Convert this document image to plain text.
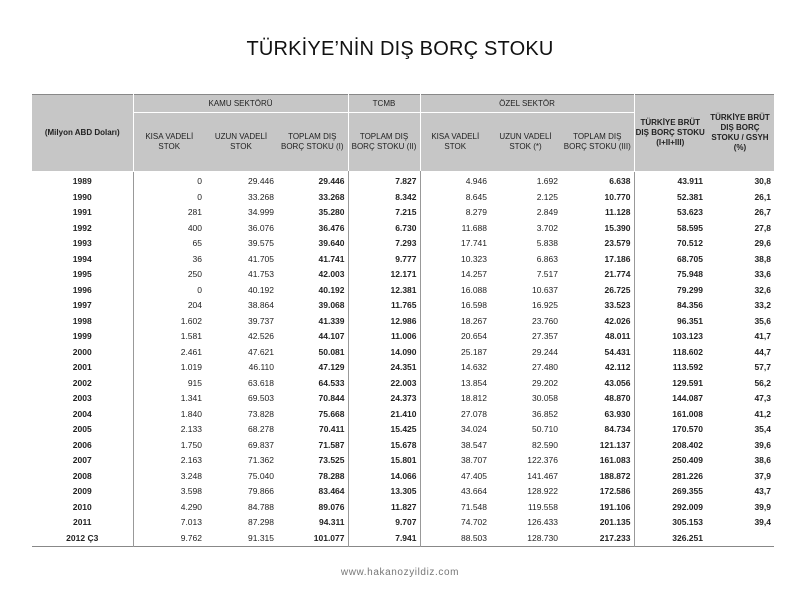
TÜRKİYE’NİN DIŞ BORÇ STOKU
(Milyon ABD Doları)	KAMU SEKTÖRÜ			TCMB	ÖZEL SEKTÖR			TÜRKİYE BRÜT DIŞ BORÇ STOKU (I+II+III)	TÜRKİYE BRÜT DIŞ BORÇ STOKU / GSYH (%)
	KISA VADELİ STOK	UZUN VADELİ STOK	TOPLAM DIŞ BORÇ STOKU (I)	TOPLAM DIŞ BORÇ STOKU (II)	KISA VADELİ STOK	UZUN VADELİ STOK (*)	TOPLAM DIŞ BORÇ STOKU (III)		
1989	0	29.446	29.446	7.827	4.946	1.692	6.638	43.911	30,8
1990	0	33.268	33.268	8.342	8.645	2.125	10.770	52.381	26,1
1991	281	34.999	35.280	7.215	8.279	2.849	11.128	53.623	26,7
1992	400	36.076	36.476	6.730	11.688	3.702	15.390	58.595	27,8
1993	65	39.575	39.640	7.293	17.741	5.838	23.579	70.512	29,6
1994	36	41.705	41.741	9.777	10.323	6.863	17.186	68.705	38,8
1995	250	41.753	42.003	12.171	14.257	7.517	21.774	75.948	33,6
1996	0	40.192	40.192	12.381	16.088	10.637	26.725	79.299	32,6
1997	204	38.864	39.068	11.765	16.598	16.925	33.523	84.356	33,2
1998	1.602	39.737	41.339	12.986	18.267	23.760	42.026	96.351	35,6
1999	1.581	42.526	44.107	11.006	20.654	27.357	48.011	103.123	41,7
2000	2.461	47.621	50.081	14.090	25.187	29.244	54.431	118.602	44,7
2001	1.019	46.110	47.129	24.351	14.632	27.480	42.112	113.592	57,7
2002	915	63.618	64.533	22.003	13.854	29.202	43.056	129.591	56,2
2003	1.341	69.503	70.844	24.373	18.812	30.058	48.870	144.087	47,3
2004	1.840	73.828	75.668	21.410	27.078	36.852	63.930	161.008	41,2
2005	2.133	68.278	70.411	15.425	34.024	50.710	84.734	170.570	35,4
2006	1.750	69.837	71.587	15.678	38.547	82.590	121.137	208.402	39,6
2007	2.163	71.362	73.525	15.801	38.707	122.376	161.083	250.409	38,6
2008	3.248	75.040	78.288	14.066	47.405	141.467	188.872	281.226	37,9
2009	3.598	79.866	83.464	13.305	43.664	128.922	172.586	269.355	43,7
2010	4.290	84.788	89.076	11.827	71.548	119.558	191.106	292.009	39,9
2011	7.013	87.298	94.311	9.707	74.702	126.433	201.135	305.153	39,4
2012 Ç3	9.762	91.315	101.077	7.941	88.503	128.730	217.233	326.251	
www.hakanozyildiz.com
